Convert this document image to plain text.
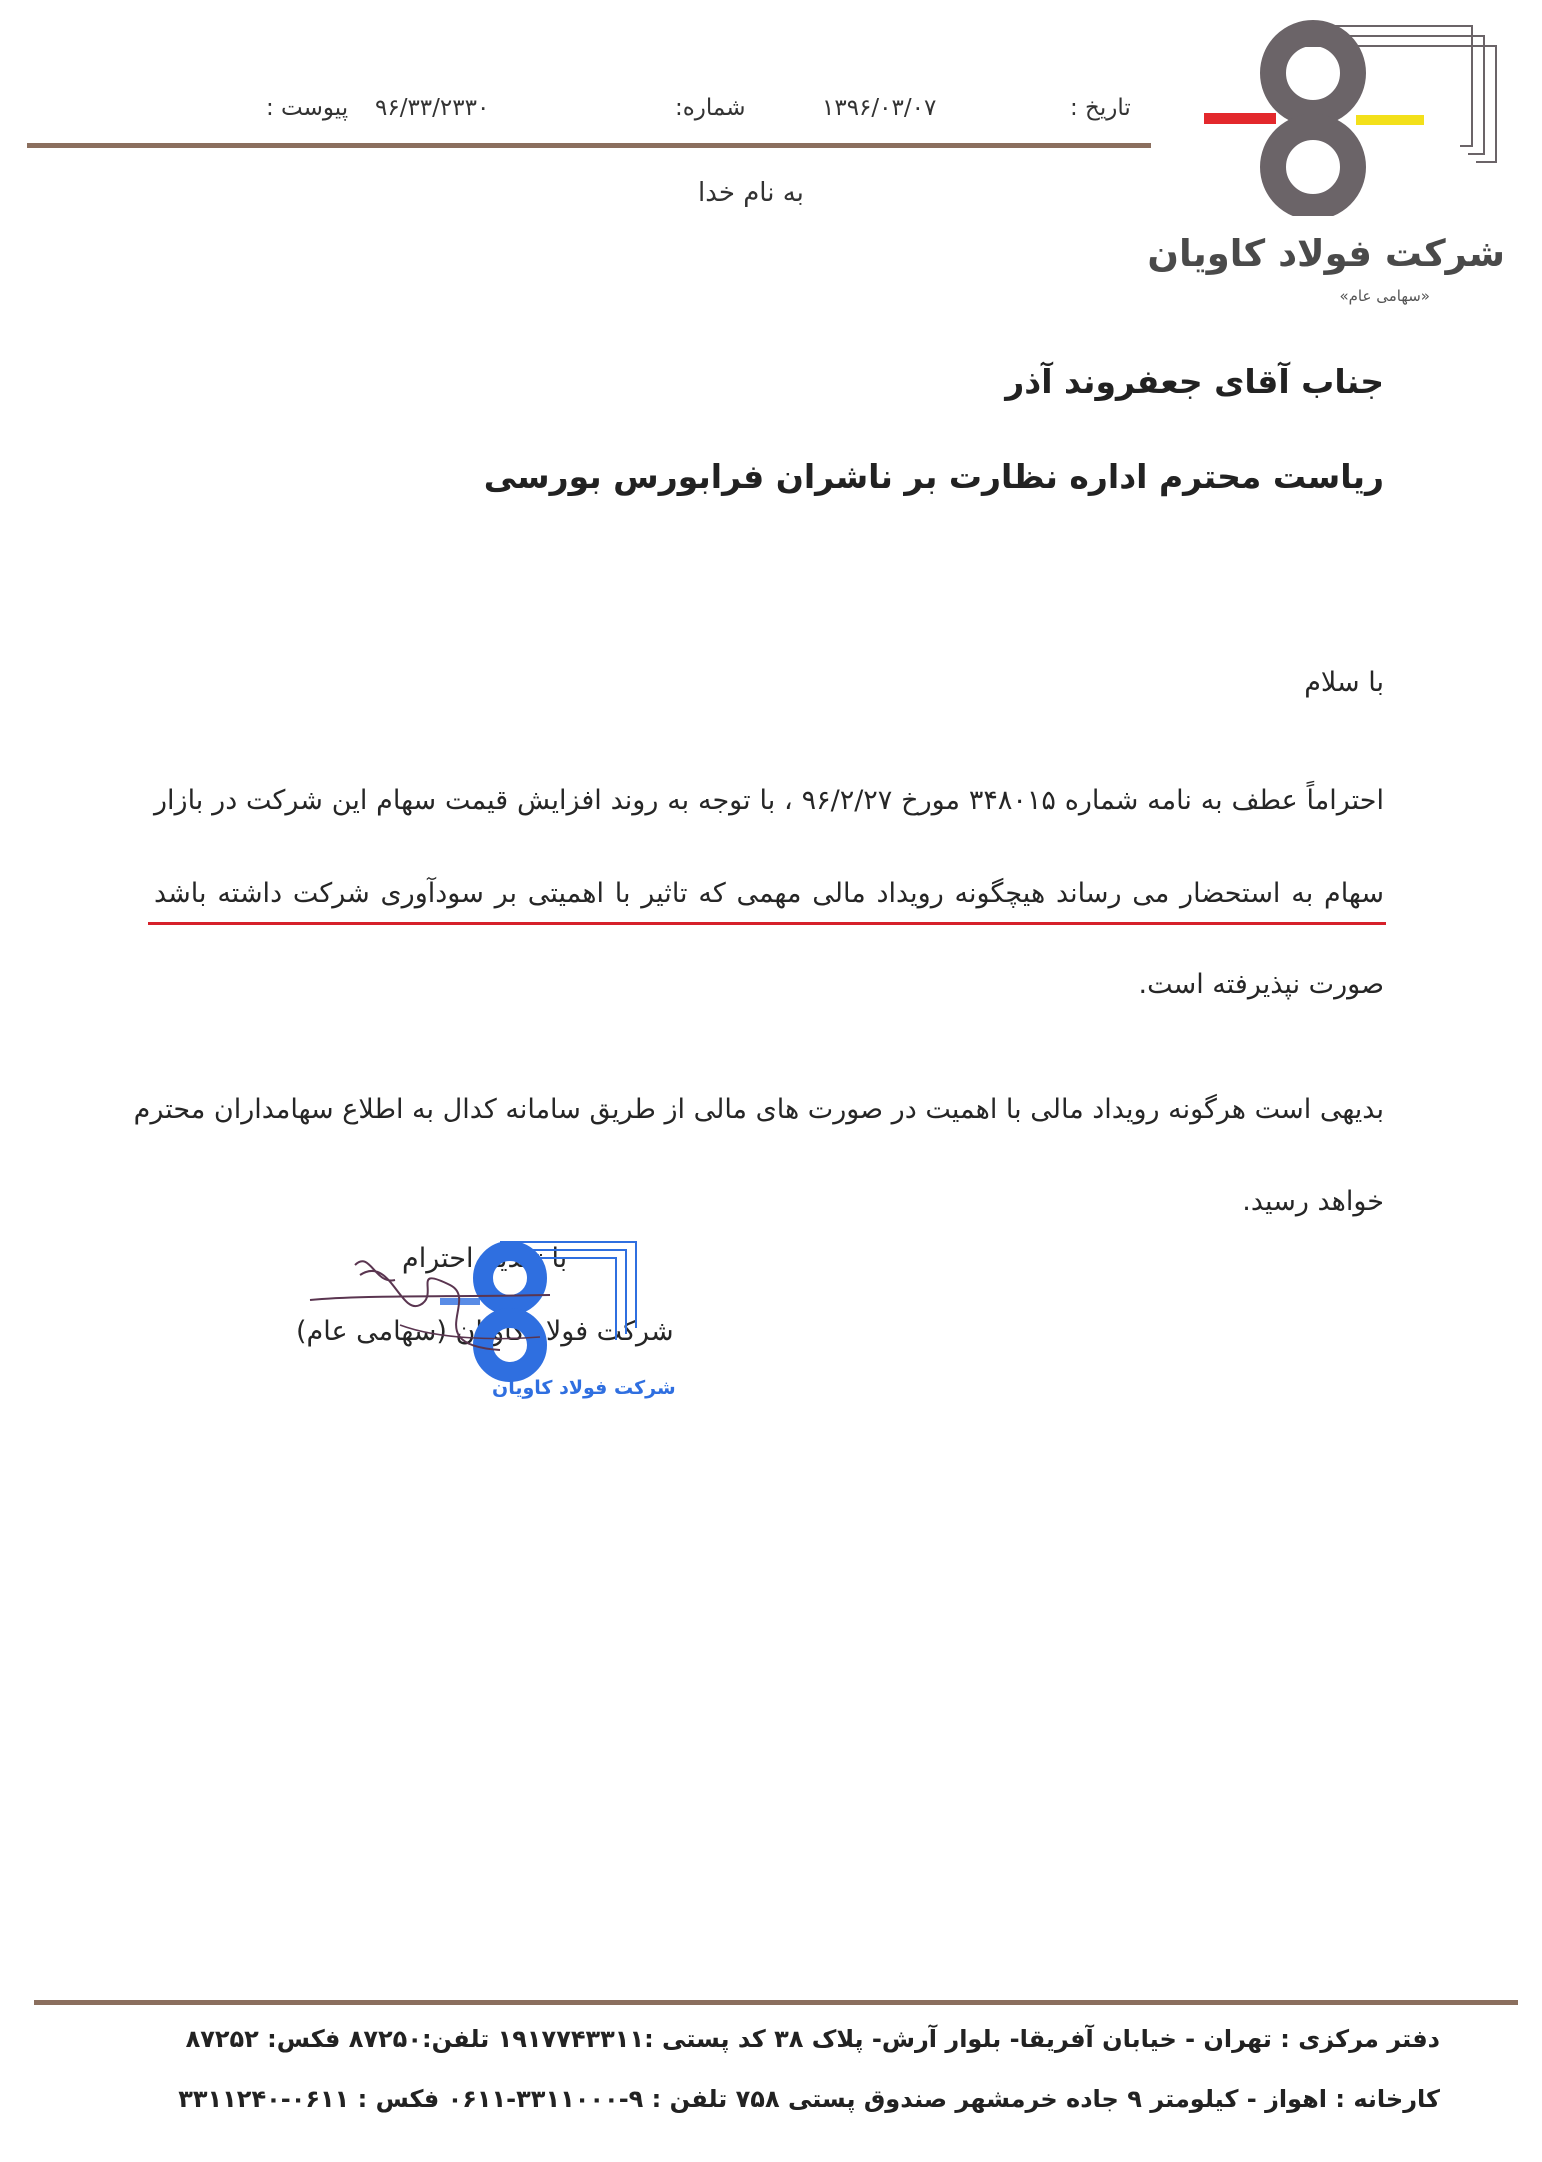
شرکت فولاد کاویان
«سهامی عام»
تاریخ :
۱۳۹۶/۰۳/۰۷
شماره:
۹۶/۳۳/۲۳۳۰
پیوست :
به نام خدا
جناب آقای جعفروند آذر
ریاست محترم اداره نظارت بر ناشران فرابورس بورسی
با سلام
احتراماً عطف به نامه شماره ۳۴۸۰۱۵ مورخ ۹۶/۲/۲۷ ، با توجه به روند افزایش قیمت سهام این شرکت در بازار
سهام به استحضار می رساند هیچگونه رویداد مالی مهمی که تاثیر با اهمیتی بر سودآوری شرکت داشته باشد
صورت نپذیرفته است.
بدیهی است هرگونه رویداد مالی با اهمیت در صورت های مالی از طریق سامانه کدال به اطلاع سهامداران محترم
خواهد رسید.
با تقدیم احترام
شرکت فولاد کاویان (سهامی عام)
شرکت فولاد کاویان
دفتر مرکزی : تهران - خیابان آفریقا- بلوار آرش- پلاک ۳۸ کد پستی :۱۹۱۷۷۴۳۳۱۱ تلفن:۸۷۲۵۰ فکس: ۸۷۲۵۲
کارخانه : اهواز - کیلومتر ۹ جاده خرمشهر صندوق پستی ۷۵۸ تلفن : ۹-۳۳۱۱۰۰۰-۰۶۱۱ فکس : ۰۶۱۱-۳۳۱۱۲۴۰
